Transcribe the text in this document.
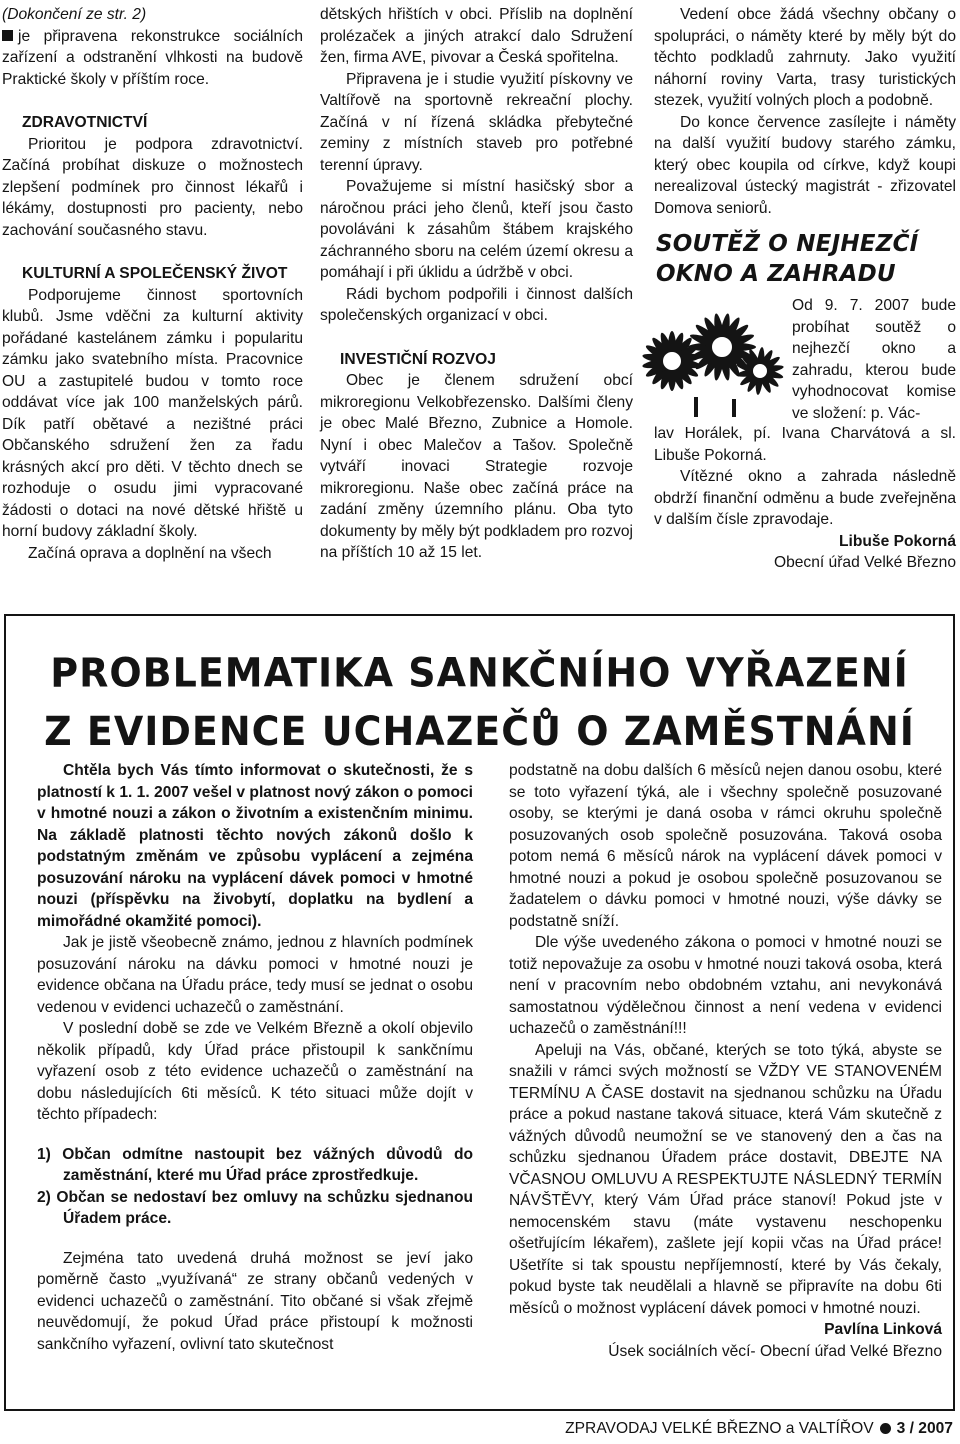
(Dokončení ze str. 2)

je připravena rekonstrukce sociálních zařízení a odstranění vlhkosti na budově Praktické školy v příštím roce.

ZDRAVOTNICTVÍ

Prioritou je podpora zdravotnictví. Začíná probíhat diskuze o možnostech zlepšení podmínek pro činnost lékařů i lékámy, dostupnosti pro pacienty, nebo zachování současného stavu.

KULTURNÍ A SPOLEČENSKÝ ŽIVOT

Podporujeme činnost sportovních klubů. Jsme vděčni za kulturní aktivity pořádané kastelánem zámku i popularitu zámku jako svatebního místa. Pracovnice OU a zastupitelé budou v tomto roce oddávat více jak 100 manželských párů. Dík patří obětavé a nezištné práci Občanského sdružení žen za řadu krásných akcí pro děti. V těchto dnech se rozhoduje o osudu jimi vypracované žádosti o dotaci na nové dětské hřiště u horní budovy základní školy.

Začíná oprava a doplnění na všech

dětských hřištích v obci. Příslib na doplnění prolézaček a jiných atrakcí dalo Sdružení žen, firma AVE, pivovar a Česká spořitelna.

Připravena je i studie využití pískovny ve Valtířově na sportovně rekreační plochy. Začíná v ní řízená skládka přebytečné zeminy z místních staveb pro potřebné terenní úpravy.

Považujeme si místní hasičský sbor a náročnou práci jeho členů, kteří jsou často povoláváni k zásahům štábem krajského záchranného sboru na celém území okresu a pomáhají i při úklidu a údržbě v obci.

Rádi bychom podpořili i činnost dalších společenských organizací v obci.

INVESTIČNÍ ROZVOJ

Obec je členem sdružení obcí mikroregionu Velkobřezensko. Dalšími členy je obec Malé Březno, Zubnice a Homole. Nyní i obec Malečov a Tašov. Společně vytváří inovaci Strategie rozvoje mikroregionu. Naše obec začíná práce na zadání změny územního plánu. Oba tyto dokumenty by měly být podkladem pro rozvoj na příštích 10 až 15 let.

Vedení obce žádá všechny občany o spolupráci, o náměty které by měly být do těchto podkladů zahrnuty. Jako využití náhorní roviny Varta, trasy turistických stezek, využití volných ploch a podobně.

Do konce července zasílejte i náměty na další využití budovy starého zámku, který obec koupila od církve, když koupi nerealizoval ústecký magistrát - zřizovatel Domova seniorů.

SOUTĚŽ O NEJHEZČÍ
OKNO A ZAHRADU

Od 9. 7. 2007 bude probíhat soutěž o nejhezčí okno a zahradu, kterou bude vyhodnocovat komise ve složení: p. Vác-

lav Horálek, pí. Ivana Charvátová a sl. Libuše Pokorná.

Vítězné okno a zahrada následně obdrží finanční odměnu a bude zveřejněna v dalším čísle zpravodaje.

Libuše Pokorná

Obecní úřad Velké Březno

PROBLEMATIKA SANKČNÍHO VYŘAZENÍ
Z EVIDENCE UCHAZEČŮ O ZAMĚSTNÁNÍ

Chtěla bych Vás tímto informovat o skutečnosti, že s platností k 1. 1. 2007 vešel v platnost nový zákon o pomoci v hmotné nouzi a zákon o životním a existenčním minimu. Na základě platnosti těchto nových zákonů došlo k podstatným změnám ve způsobu vyplácení a zejména posuzování nároku na vyplácení dávek pomoci v hmotné nouzi (příspěvku na živobytí, doplatku na bydlení a mimořádné okamžité pomoci).

Jak je jistě všeobecně známo, jednou z hlavních podmínek posuzování nároku na dávku pomoci v hmotné nouzi je evidence občana na Úřadu práce, tedy musí se jednat o osobu vedenou v evidenci uchazečů o zaměstnání.

V poslední době se zde ve Velkém Březně a okolí objevilo několik případů, kdy Úřad práce přistoupil k sankčnímu vyřazení osob z této evidence uchazečů o zaměstnání na dobu následujících 6ti měsíců. K této situaci může dojít v těchto případech:

1) Občan odmítne nastoupit bez vážných důvodů do zaměstnání, které mu Úřad práce zprostředkuje.

2) Občan se nedostaví bez omluvy na schůzku sjednanou Úřadem práce.

Zejména tato uvedená druhá možnost se jeví jako poměrně často „využívaná“ ze strany občanů vedených v evidenci uchazečů o zaměstnání. Tito občané si však zřejmě neuvědomují, že pokud Úřad práce přistoupí k možnosti sankčního vyřazení, ovlivní tato skutečnost

podstatně na dobu dalších 6 měsíců nejen danou osobu, které se toto vyřazení týká, ale i všechny společně posuzované osoby, se kterými je daná osoba v rámci okruhu společně posuzovaných osob společně posuzována. Taková osoba potom nemá 6 měsíců nárok na vyplácení dávek pomoci v hmotné nouzi a pokud je osobou společně posuzovanou se žadatelem o dávku pomoci v hmotné nouzi, výše dávky se podstatně sníží.

Dle výše uvedeného zákona o pomoci v hmotné nouzi se totiž nepovažuje za osobu v hmotné nouzi taková osoba, která není v pracovním nebo obdobném vztahu, ani nevykonává samostatnou výdělečnou činnost a není vedena v evidenci uchazečů o zaměstnání!!!

Apeluji na Vás, občané, kterých se toto týká, abyste se snažili v rámci svých možností se VŽDY VE STANOVENÉM TERMÍNU A ČASE dostavit na sjednanou schůzku na Úřadu práce a pokud nastane taková situace, která Vám skutečně z vážných důvodů neumožní se ve stanovený den a čas na schůzku sjednanou Úřadem práce dostavit, DBEJTE NA VČASNOU OMLUVU A RESPEKTUJTE NÁSLEDNÝ TERMÍN NÁVŠTĚVY, který Vám Úřad práce stanoví! Pokud jste v nemocenském stavu (máte vystavenu neschopenku ošetřujícím lékařem), zašlete její kopii včas na Úřad práce! Ušetříte si tak spoustu nepříjemností, které by Vás čekaly, pokud byste tak neudělali a hlavně se připravíte na dobu 6ti měsíců o možnost vyplácení dávek pomoci v hmotné nouzi.

Pavlína Linková

Úsek sociálních věcí- Obecní úřad Velké Březno

ZPRAVODAJ VELKÉ BŘEZNO a VALTÍŘOV 3 / 2007
